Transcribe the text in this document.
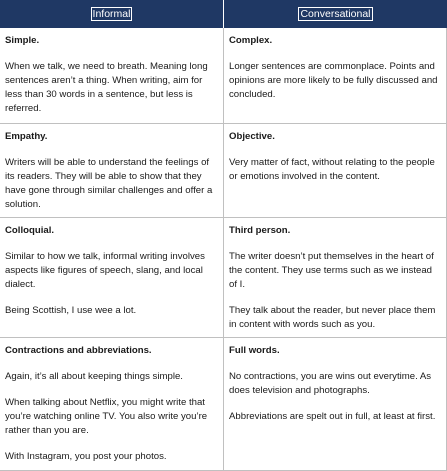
Informal	Conversational
Simple.

When we talk, we need to breath. Meaning long sentences aren’t a thing. When writing, aim for less than 30 words in a sentence, but less is referred.

Complex.

Longer sentences are commonplace. Points and opinions are more likely to be fully discussed and concluded.

Empathy.

Writers will be able to understand the feelings of its readers. They will be able to show that they have gone through similar challenges and offer a solution.

Objective.

Very matter of fact, without relating to the people or emotions involved in the content.

Colloquial.

Similar to how we talk, informal writing involves aspects like figures of speech, slang, and local dialect.

Being Scottish, I use wee a lot.

Third person.

The writer doesn’t put themselves in the heart of the content. They use terms such as we instead of I.

They talk about the reader, but never place them in content with words such as you.

Contractions and abbreviations.

Again, it’s all about keeping things simple.

When talking about Netflix, you might write that you’re watching online TV. You also write you’re rather than you are.

With Instagram, you post your photos.

Full words.

No contractions, you are wins out everytime. As does television and photographs.

Abbreviations are spelt out in full, at least at first.
